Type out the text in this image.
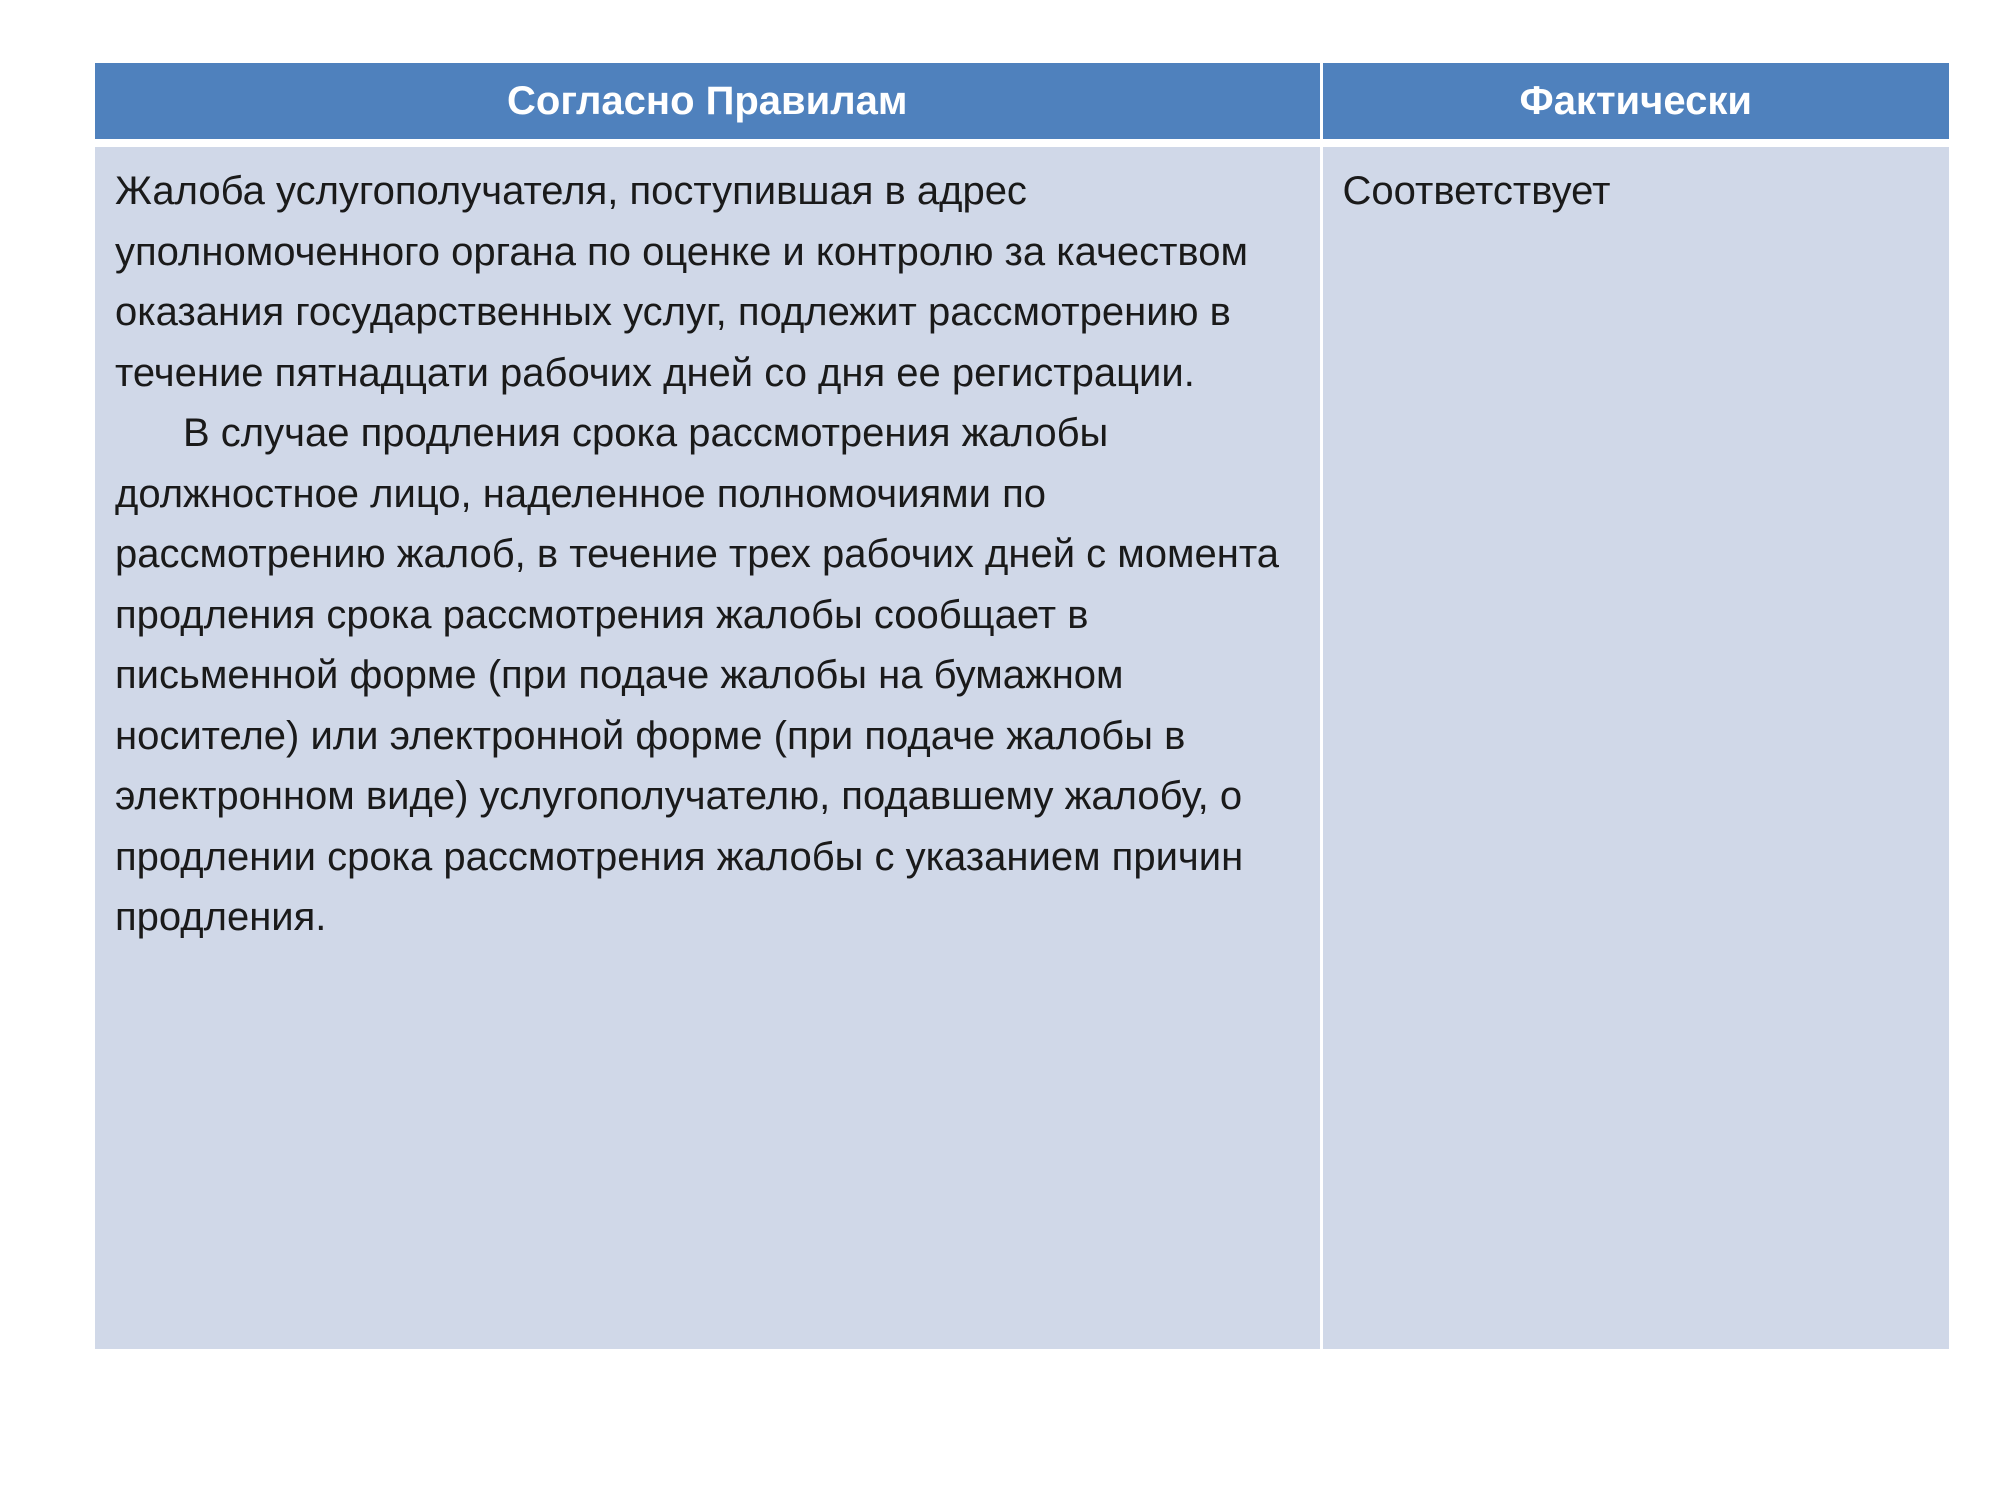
Согласно Правилам	Фактически

Жалоба услугополучателя, поступившая в адрес уполномоченного органа по оценке и контролю за качеством оказания государственных услуг, подлежит рассмотрению в течение пятнадцати рабочих дней со дня ее регистрации.

В случае продления срока рассмотрения жалобы должностное лицо, наделенное полномочиями по рассмотрению жалоб, в течение трех рабочих дней с момента продления срока рассмотрения жалобы сообщает в письменной форме (при подаче жалобы на бумажном носителе) или электронной форме (при подаче жалобы в электронном виде) услугополучателю, подавшему жалобу, о продлении срока рассмотрения жалобы с указанием причин продления.	Соответствует
